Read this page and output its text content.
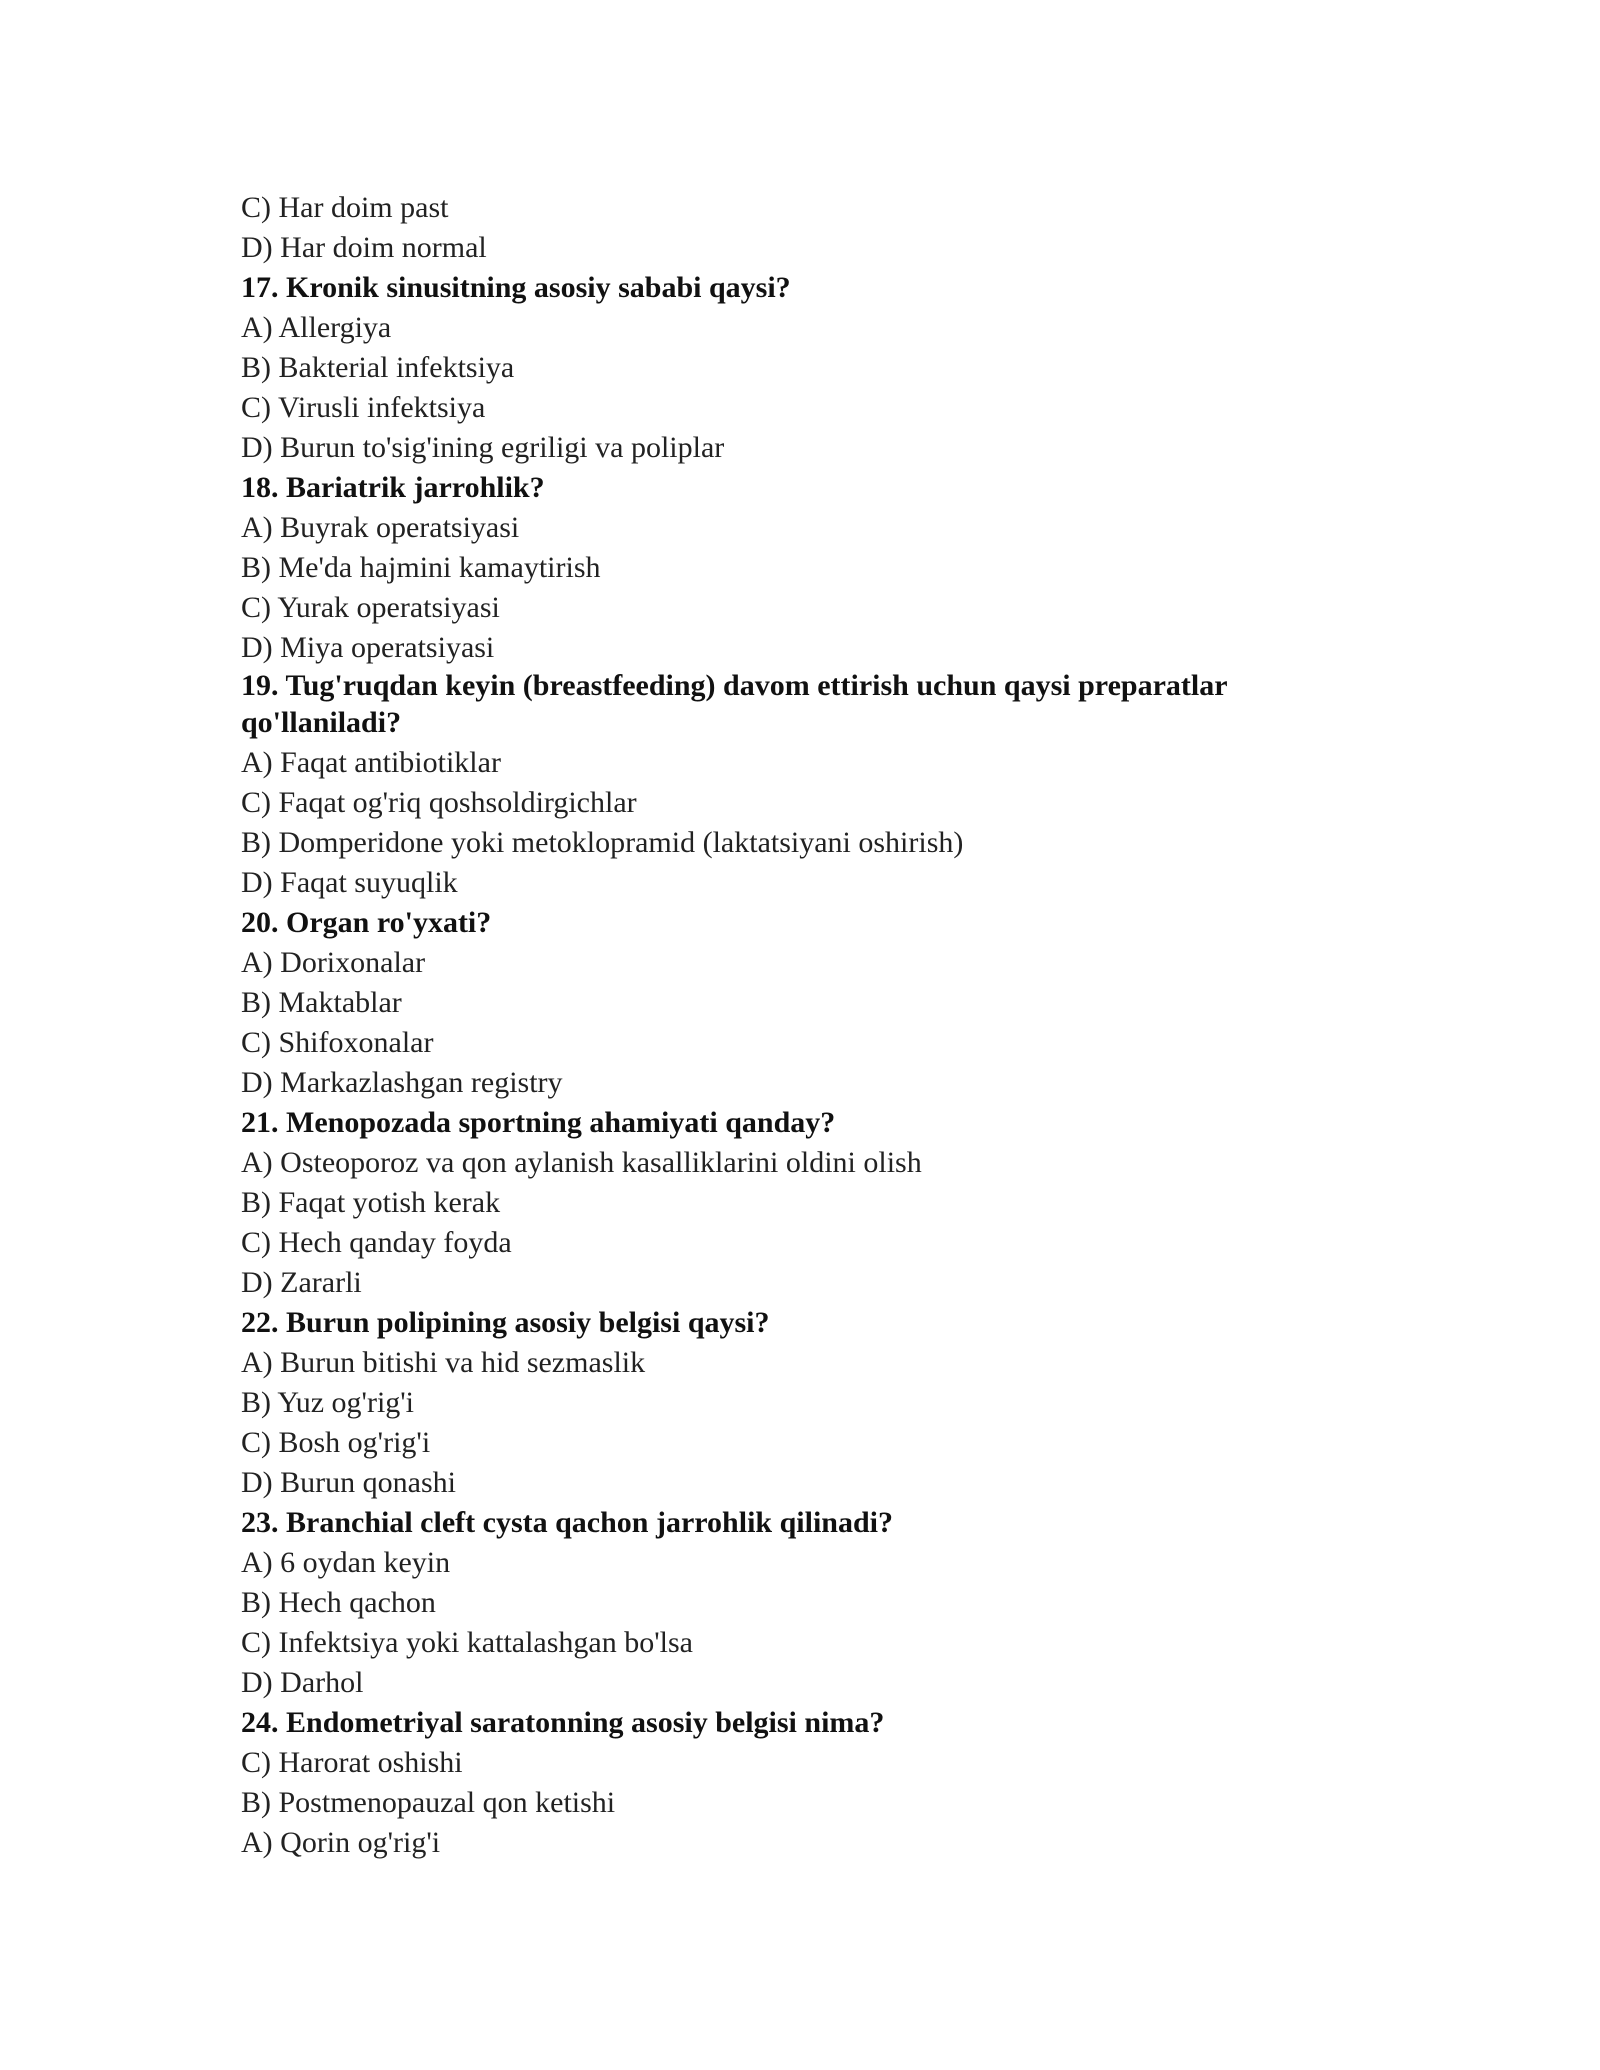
C) Har doim past
D) Har doim normal
17. Kronik sinusitning asosiy sababi qaysi?
A) Allergiya
B) Bakterial infektsiya
C) Virusli infektsiya
D) Burun to'sig'ining egriligi va poliplar
18. Bariatrik jarrohlik?
A) Buyrak operatsiyasi
B) Me'da hajmini kamaytirish
C) Yurak operatsiyasi
D) Miya operatsiyasi
19. Tug'ruqdan keyin (breastfeeding) davom ettirish uchun qaysi preparatlar qo'llaniladi?
A) Faqat antibiotiklar
C) Faqat og'riq qoshsoldirgichlar
B) Domperidone yoki metoklopramid (laktatsiyani oshirish)
D) Faqat suyuqlik
20. Organ ro'yxati?
A) Dorixonalar
B) Maktablar
C) Shifoxonalar
D) Markazlashgan registry
21. Menopozada sportning ahamiyati qanday?
A) Osteoporoz va qon aylanish kasalliklarini oldini olish
B) Faqat yotish kerak
C) Hech qanday foyda
D) Zararli
22. Burun polipining asosiy belgisi qaysi?
A) Burun bitishi va hid sezmaslik
B) Yuz og'rig'i
C) Bosh og'rig'i
D) Burun qonashi
23. Branchial cleft cysta qachon jarrohlik qilinadi?
A) 6 oydan keyin
B) Hech qachon
C) Infektsiya yoki kattalashgan bo'lsa
D) Darhol
24. Endometriyal saratonning asosiy belgisi nima?
C) Harorat oshishi
B) Postmenopauzal qon ketishi
A) Qorin og'rig'i
